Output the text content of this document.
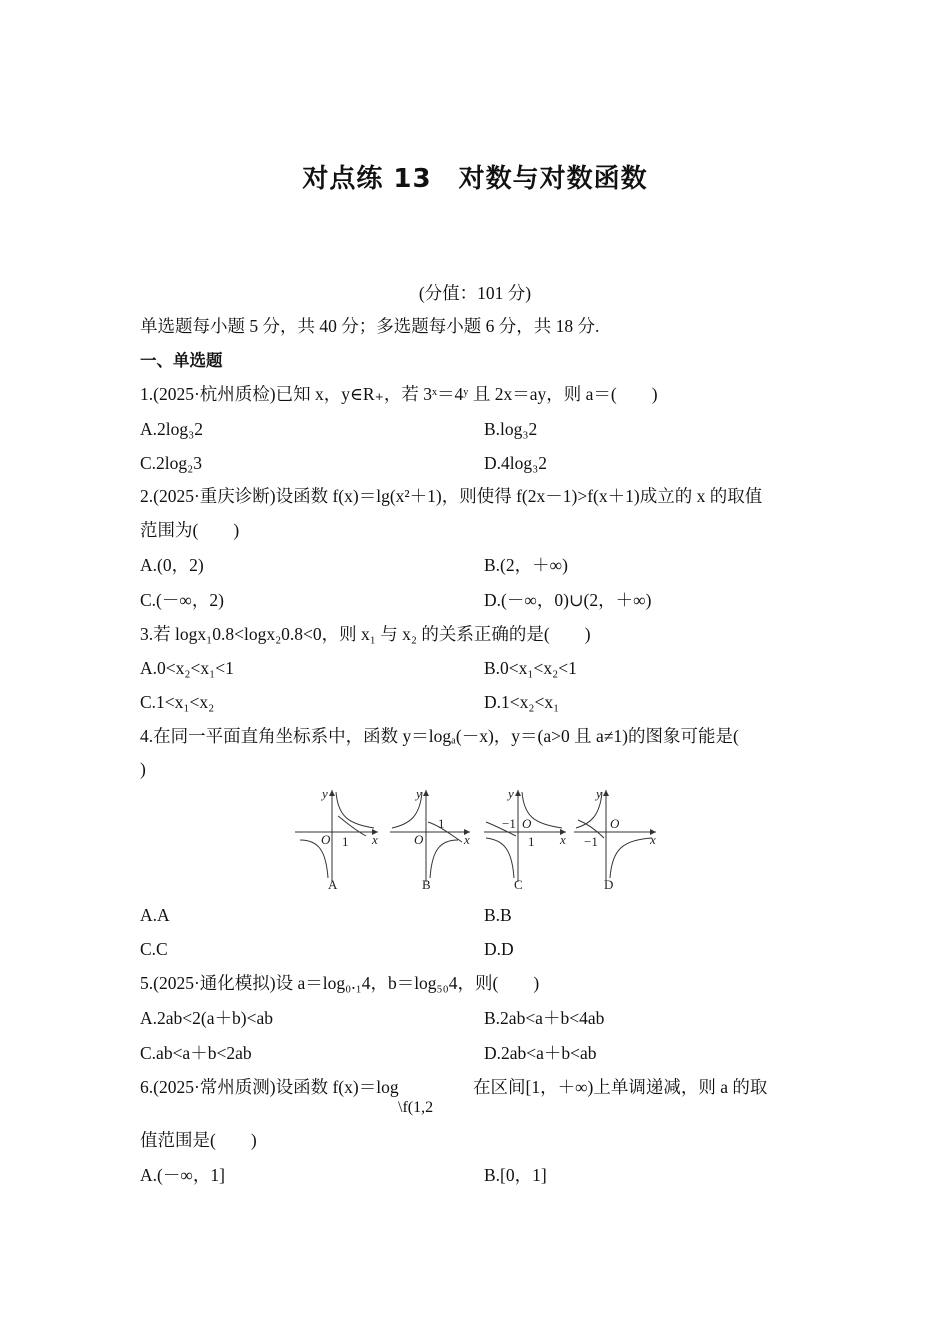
对点练 13　对数与对数函数
(分值：101 分)
单选题每小题 5 分，共 40 分；多选题每小题 6 分，共 18 分.
一、单选题
1.(2025·杭州质检)已知 x，y∈R₊，若 3ˣ＝4ʸ 且 2x＝ay，则 a＝(　　)
A.2log₃2	B.log₃2
C.2log₂3	D.4log₃2
2.(2025·重庆诊断)设函数 f(x)＝lg(x²＋1)，则使得 f(2x－1)>f(x＋1)成立的 x 的取值
范围为(　　)
A.(0，2)	B.(2，＋∞)
C.(－∞，2)	D.(－∞，0)∪(2，＋∞)
3.若 logx₁0.8<logx₂0.8<0，则 x₁ 与 x₂ 的关系正确的是(　　)
A.0<x₂<x₁<1	B.0<x₁<x₂<1
C.1<x₁<x₂	D.1<x₂<x₁
4.在同一平面直角坐标系中，函数 y＝logₐ(－x)，y＝(a>0 且 a≠1)的图象可能是(
)
y
x
O 1
A
y
x
O
1
B
y
x
O
−1
1
C
y
x
O
−1
D
A.A	B.B
C.C	D.D
5.(2025·通化模拟)设 a＝log₀.₁4，b＝log₅₀4，则(　　)
A.2ab<2(a＋b)<ab	B.2ab<a＋b<4ab
C.ab<a＋b<2ab	D.2ab<a＋b<ab
6.(2025·常州质测)设函数 f(x)＝log
\f(1,2
在区间[1，＋∞)上单调递减，则 a 的取
值范围是(　　)
A.(－∞，1]	B.[0，1]
